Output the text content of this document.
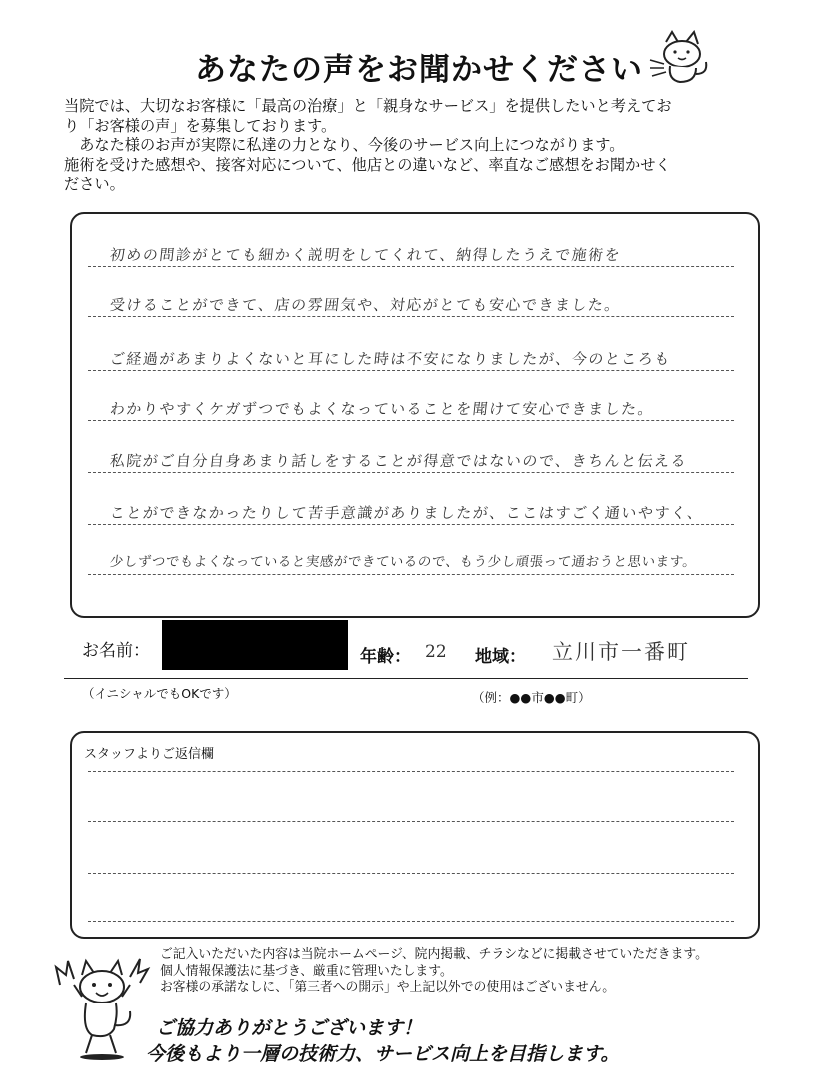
あなたの声をお聞かせください

当院では、大切なお客様に「最高の治療」と「親身なサービス」を提供したいと考えてお

り「お客様の声」を募集しております。

　あなた様のお声が実際に私達の力となり、今後のサービス向上につながります。

施術を受けた感想や、接客対応について、他店との違いなど、率直なご感想をお聞かせく

ださい。

初めの問診がとても細かく説明をしてくれて、納得したうえで施術を
受けることができて、店の雰囲気や、対応がとても安心できました。
ご経過があまりよくないと耳にした時は不安になりましたが、今のところも
わかりやすくケガずつでもよくなっていることを聞けて安心できました。
私院がご自分自身あまり話しをすることが得意ではないので、きちんと伝える
ことができなかったりして苦手意識がありましたが、ここはすごく通いやすく、
少しずつでもよくなっていると実感ができているので、もう少し頑張って通おうと思います。
お名前：	年齢： 22 地域： 立川市一番町
（イニシャルでもOKです）	（例：●●市●●町）
スタッフよりご返信欄

ご記入いただいた内容は当院ホームページ、院内掲載、チラシなどに掲載させていただきます。

個人情報保護法に基づき、厳重に管理いたします。

お客様の承諾なしに、「第三者への開示」や上記以外での使用はございません。

ご協力ありがとうございます！
今後もより一層の技術力、サービス向上を目指します。
